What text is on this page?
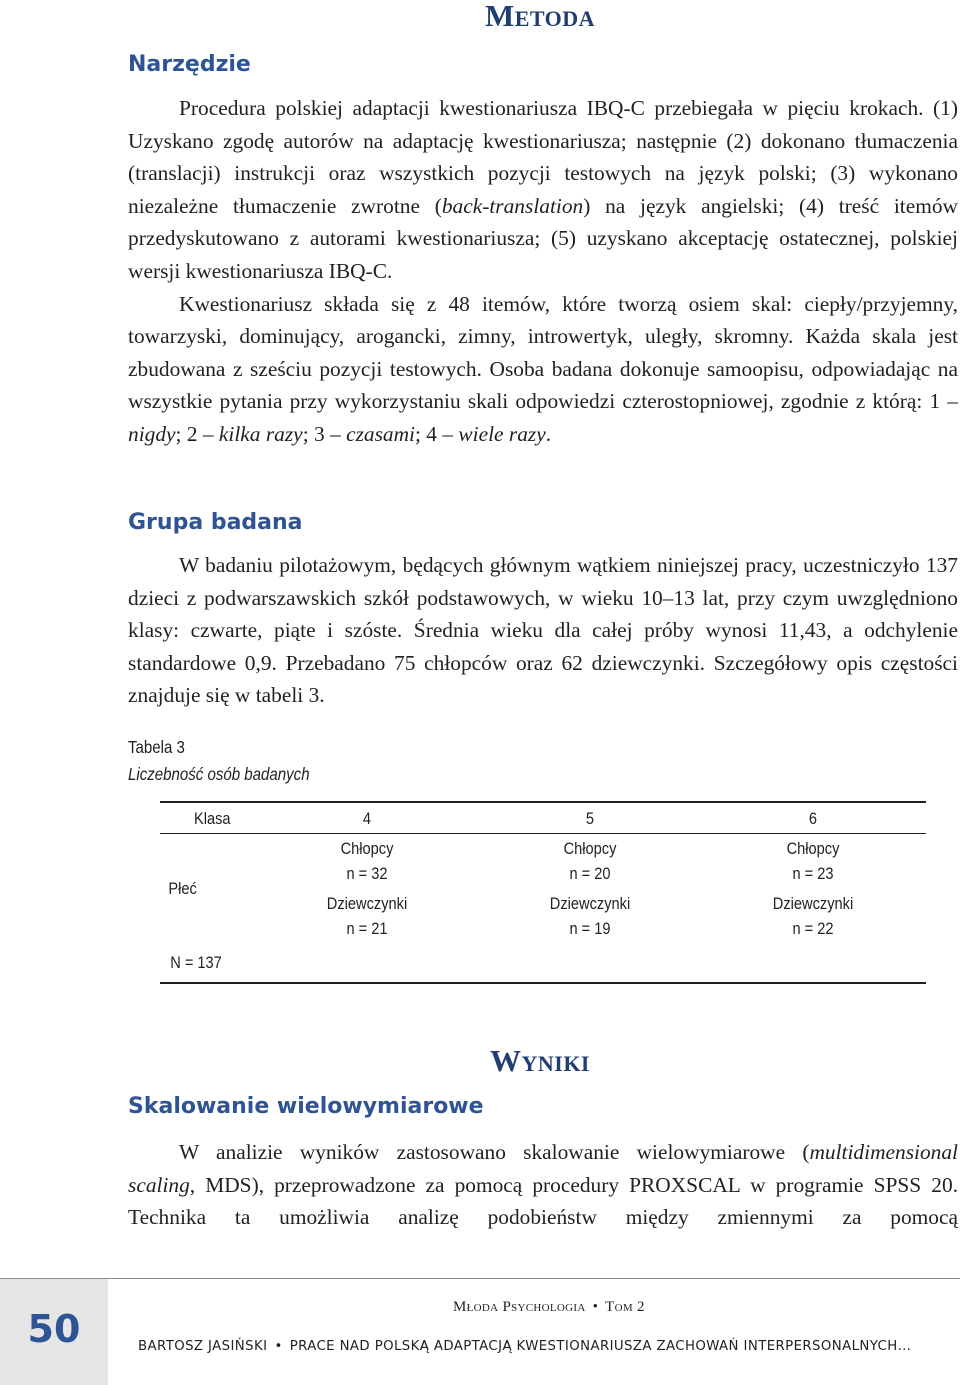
Metoda
Narzędzie

Procedura polskiej adaptacji kwestionariusza IBQ-C przebiegała w pięciu krokach. (1) Uzyskano zgodę autorów na adaptację kwestionariusza; następnie (2) dokonano tłumaczenia (translacji) instrukcji oraz wszystkich pozycji testowych na język polski; (3) wykonano niezależne tłumaczenie zwrotne (back-translation) na język angielski; (4) treść itemów przedyskutowano z autorami kwestionariusza; (5) uzyskano akceptację ostatecznej, polskiej wersji kwestionariusza IBQ-C.

Kwestionariusz składa się z 48 itemów, które tworzą osiem skal: ciepły/przyjemny, towarzyski, dominujący, arogancki, zimny, introwertyk, uległy, skromny. Każda skala jest zbudowana z sześciu pozycji testowych. Osoba badana dokonuje samoopisu, odpowiadając na wszystkie pytania przy wykorzystaniu skali odpowiedzi czterostopniowej, zgodnie z którą: 1 – nigdy; 2 – kilka razy; 3 – czasami; 4 – wiele razy.

Grupa badana

W badaniu pilotażowym, będących głównym wątkiem niniejszej pracy, uczestniczyło 137 dzieci z podwarszawskich szkół podstawowych, w wieku 10–13 lat, przy czym uwzględniono klasy: czwarte, piąte i szóste. Średnia wieku dla całej próby wynosi 11,43, a odchylenie standardowe 0,9. Przebadano 75 chłopców oraz 62 dziewczynki. Szczegółowy opis częstości znajduje się w tabeli 3.

Tabela 3
Liczebność osób badanych
Klasa	4	5	6
Płeć
Chłopcy	Chłopcy	Chłopcy
n = 32	n = 20	n = 23
Dziewczynki	Dziewczynki	Dziewczynki
n = 21	n = 19	n = 22
N = 137
Wyniki
Skalowanie wielowymiarowe

W analizie wyników zastosowano skalowanie wielowymiarowe (multidimensional scaling, MDS), przeprowadzone za pomocą procedury PROXSCAL w programie SPSS 20. Technika ta umożliwia analizę podobieństw między zmiennymi za pomocą

50	Młoda Psychologia • Tom 2
BARTOSZ JASIŃSKI • PRACE NAD POLSKĄ ADAPTACJĄ KWESTIONARIUSZA ZACHOWAŃ INTERPERSONALNYCH…
